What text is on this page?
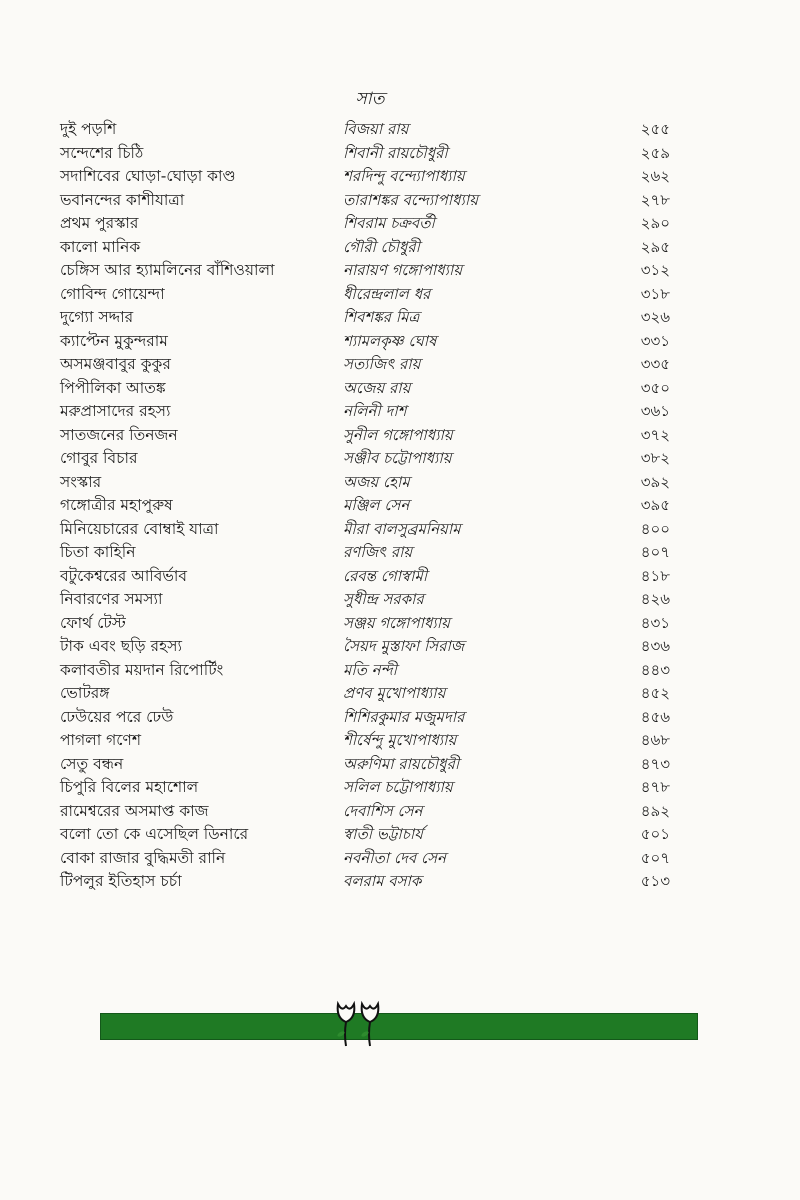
সাত
দুই পড়শি	বিজয়া রায়	২৫৫
সন্দেশের চিঠি	শিবানী রায়চৌধুরী	২৫৯
সদাশিবের ঘোড়া-ঘোড়া কাণ্ড	শরদিন্দু বন্দ্যোপাধ্যায়	২৬২
ভবানন্দের কাশীযাত্রা	তারাশঙ্কর বন্দ্যোপাধ্যায়	২৭৮
প্রথম পুরস্কার	শিবরাম চক্রবর্তী	২৯০
কালো মানিক	গৌরী চৌধুরী	২৯৫
চেঙ্গিস আর হ্যামলিনের বাঁশিওয়ালা	নারায়ণ গঙ্গোপাধ্যায়	৩১২
গোবিন্দ গোয়েন্দা	ধীরেন্দ্রলাল ধর	৩১৮
দুগ্যো সদ্দার	শিবশঙ্কর মিত্র	৩২৬
ক্যাপ্টেন মুকুন্দরাম	শ্যামলকৃষ্ণ ঘোষ	৩৩১
অসমঞ্জবাবুর কুকুর	সত্যজিৎ রায়	৩৩৫
পিপীলিকা আতঙ্ক	অজেয় রায়	৩৫০
মরুপ্রাসাদের রহস্য	নলিনী দাশ	৩৬১
সাতজনের তিনজন	সুনীল গঙ্গোপাধ্যায়	৩৭২
গোবুর বিচার	সঞ্জীব চট্টোপাধ্যায়	৩৮২
সংস্কার	অজয় হোম	৩৯২
গঙ্গোত্রীর মহাপুরুষ	মঞ্জিল সেন	৩৯৫
মিনিয়েচারের বোম্বাই যাত্রা	মীরা বালসুব্রমনিয়াম	৪০০
চিতা কাহিনি	রণজিৎ রায়	৪০৭
বটুকেশ্বরের আবির্ভাব	রেবন্ত গোস্বামী	৪১৮
নিবারণের সমস্যা	সুধীন্দ্র সরকার	৪২৬
ফোর্থ টেস্ট	সঞ্জয় গঙ্গোপাধ্যায়	৪৩১
টাক এবং ছড়ি রহস্য	সৈয়দ মুস্তাফা সিরাজ	৪৩৬
কলাবতীর ময়দান রিপোর্টিং	মতি নন্দী	৪৪৩
ভোটরঙ্গ	প্রণব মুখোপাধ্যায়	৪৫২
ঢেউয়ের পরে ঢেউ	শিশিরকুমার মজুমদার	৪৫৬
পাগলা গণেশ	শীর্ষেন্দু মুখোপাধ্যায়	৪৬৮
সেতু বন্ধন	অরুণিমা রায়চৌধুরী	৪৭৩
চিপুরি বিলের মহাশোল	সলিল চট্টোপাধ্যায়	৪৭৮
রামেশ্বরের অসমাপ্ত কাজ	দেবাশিস সেন	৪৯২
বলো তো কে এসেছিল ডিনারে	স্বাতী ভট্টাচার্য	৫০১
বোকা রাজার বুদ্ধিমতী রানি	নবনীতা দেব সেন	৫০৭
টিপলুর ইতিহাস চর্চা	বলরাম বসাক	৫১৩
